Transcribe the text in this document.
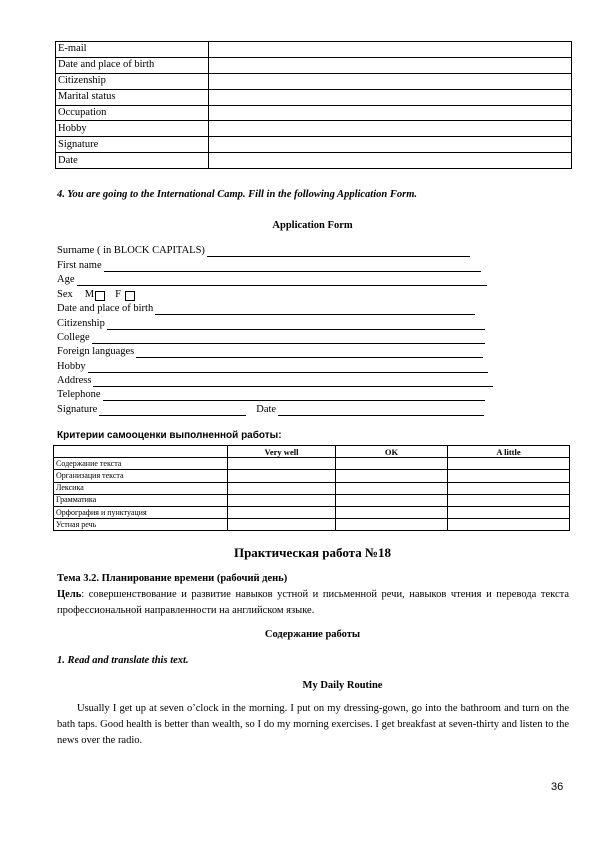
E-mail	
Date and place of birth	
Citizenship	
Marital status	
Occupation	
Hobby	
Signature	
Date	
4. You are going to the International Camp. Fill in the following Application Form.
Application Form
Surname ( in BLOCK CAPITALS)
First name
Age
Sex M F
Date and place of birth
Citizenship
College
Foreign languages
Hobby
Address
Telephone
Signature	Date
Критерии самооценки выполненной работы:
	Very well	OK	A little
Содержание текста			
Организация текста			
Лексика			
Грамматика			
Орфография и пунктуация			
Устная речь			
Практическая работа №18
Тема 3.2. Планирование времени (рабочий день)
Цель: совершенствование и развитие навыков устной и письменной речи, навыков чтения и перевода текста профессиональной направленности на английском языке.
Содержание работы
1. Read and translate this text.
My Daily Routine
Usually I get up at seven o’clock in the morning. I put on my dressing-gown, go into the bathroom and turn on the bath taps. Good health is better than wealth, so I do my morning exercises. I get breakfast at seven-thirty and listen to the news over the radio.
36
